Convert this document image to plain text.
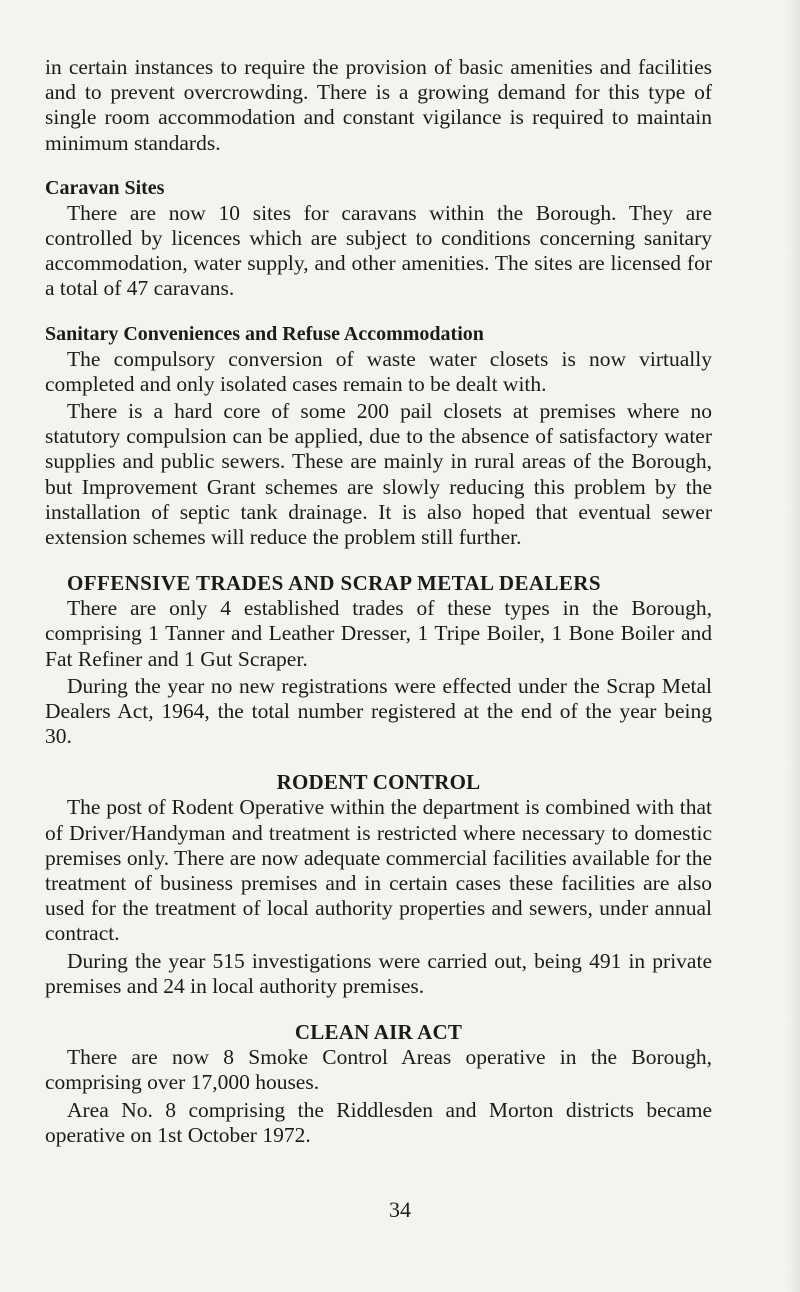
in certain instances to require the provision of basic amenities and facilities and to prevent overcrowding. There is a growing demand for this type of single room accommodation and constant vigilance is required to maintain minimum standards.

Caravan Sites

There are now 10 sites for caravans within the Borough. They are controlled by licences which are subject to conditions concerning sanitary accommodation, water supply, and other amenities. The sites are licensed for a total of 47 caravans.

Sanitary Conveniences and Refuse Accommodation

The compulsory conversion of waste water closets is now virtually completed and only isolated cases remain to be dealt with.

There is a hard core of some 200 pail closets at premises where no statutory compulsion can be applied, due to the absence of satisfactory water supplies and public sewers. These are mainly in rural areas of the Borough, but Improvement Grant schemes are slowly reducing this problem by the installation of septic tank drainage. It is also hoped that eventual sewer extension schemes will reduce the problem still further.

OFFENSIVE TRADES AND SCRAP METAL DEALERS

There are only 4 established trades of these types in the Borough, comprising 1 Tanner and Leather Dresser, 1 Tripe Boiler, 1 Bone Boiler and Fat Refiner and 1 Gut Scraper.

During the year no new registrations were effected under the Scrap Metal Dealers Act, 1964, the total number registered at the end of the year being 30.

RODENT CONTROL

The post of Rodent Operative within the department is combined with that of Driver/Handyman and treatment is restricted where necessary to domestic premises only. There are now adequate commercial facilities available for the treatment of business premises and in certain cases these facilities are also used for the treatment of local authority properties and sewers, under annual contract.

During the year 515 investigations were carried out, being 491 in private premises and 24 in local authority premises.

CLEAN AIR ACT

There are now 8 Smoke Control Areas operative in the Borough, comprising over 17,000 houses.

Area No. 8 comprising the Riddlesden and Morton districts became operative on 1st October 1972.

34
